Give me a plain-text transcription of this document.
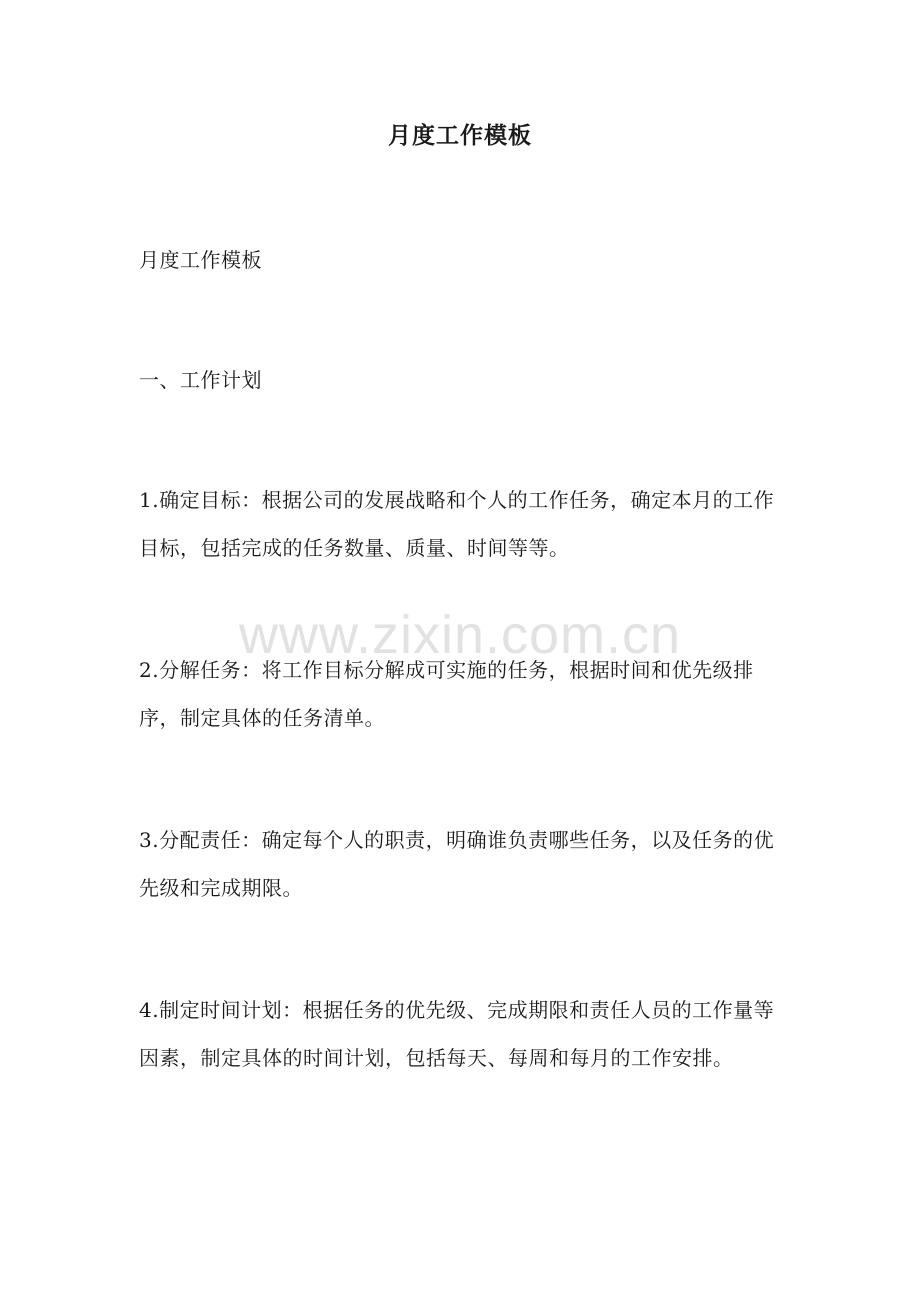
月度工作模板

月度工作模板

一、工作计划

1.确定目标：根据公司的发展战略和个人的工作任务，确定本月的工作目标，包括完成的任务数量、质量、时间等等。

2.分解任务：将工作目标分解成可实施的任务，根据时间和优先级排序，制定具体的任务清单。

3.分配责任：确定每个人的职责，明确谁负责哪些任务，以及任务的优先级和完成期限。

4.制定时间计划：根据任务的优先级、完成期限和责任人员的工作量等因素，制定具体的时间计划，包括每天、每周和每月的工作安排。

www.zixin.com.cn
